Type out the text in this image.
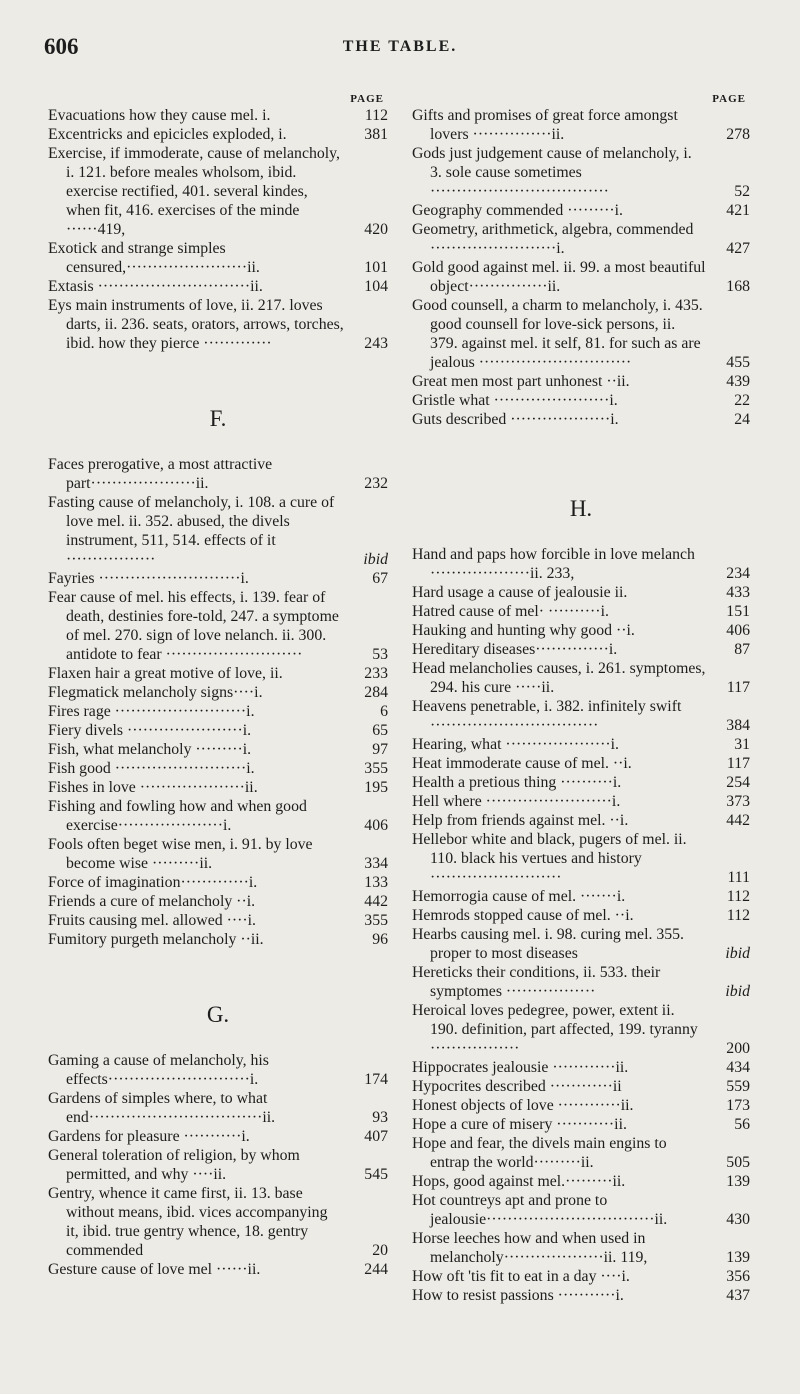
606	THE TABLE.
PAGE
Evacuations how they cause mel. i.	112
Excentricks and epicicles exploded, i.	381
Exercise, if immoderate, cause of melancholy, i. 121. before meales wholsom, ibid. exercise rectified, 401. several kindes, when fit, 416. exercises of the minde ······419,	420
Exotick and strange simples censured,·······················ii.	101
Extasis ·····························ii.	104
Eys main instruments of love, ii. 217. loves darts, ii. 236. seats, orators, arrows, torches, ibid. how they pierce ·············	243
F.
Faces prerogative, a most attractive part····················ii.	232
Fasting cause of melancholy, i. 108. a cure of love mel. ii. 352. abused, the divels instrument, 511, 514. effects of it ·················	ibid
Fayries ···························i.	67
Fear cause of mel. his effects, i. 139. fear of death, destinies fore-told, 247. a symptome of mel. 270. sign of love nelanch. ii. 300. antidote to fear ··························	53
Flaxen hair a great motive of love, ii.	233
Flegmatick melancholy signs····i.	284
Fires rage ·························i.	6
Fiery divels ······················i.	65
Fish, what melancholy ·········i.	97
Fish good ·························i.	355
Fishes in love ····················ii.	195
Fishing and fowling how and when good exercise····················i.	406
Fools often beget wise men, i. 91. by love become wise ·········ii.	334
Force of imagination·············i.	133
Friends a cure of melancholy ··i.	442
Fruits causing mel. allowed ····i.	355
Fumitory purgeth melancholy ··ii.	96
G.
Gaming a cause of melancholy, his effects···························i.	174
Gardens of simples where, to what end·································ii.	93
Gardens for pleasure ···········i.	407
General toleration of religion, by whom permitted, and why ····ii.	545
Gentry, whence it came first, ii. 13. base without means, ibid. vices accompanying it, ibid. true gentry whence, 18. gentry commended	20
Gesture cause of love mel ······ii.	244
PAGE
Gifts and promises of great force amongst lovers ···············ii.	278
Gods just judgement cause of melancholy, i. 3. sole cause sometimes ··································	52
Geography commended ·········i.	421
Geometry, arithmetick, algebra, commended ························i.	427
Gold good against mel. ii. 99. a most beautiful object···············ii.	168
Good counsell, a charm to melancholy, i. 435. good counsell for love-sick persons, ii. 379. against mel. it self, 81. for such as are jealous ·····························	455
Great men most part unhonest ··ii.	439
Gristle what ······················i.	22
Guts described ···················i.	24
H.
Hand and paps how forcible in love melanch ···················ii. 233,	234
Hard usage a cause of jealousie ii.	433
Hatred cause of mel· ··········i.	151
Hauking and hunting why good ··i.	406
Hereditary diseases··············i.	87
Head melancholies causes, i. 261. symptomes, 294. his cure ·····ii.	117
Heavens penetrable, i. 382. infinitely swift ································	384
Hearing, what ····················i.	31
Heat immoderate cause of mel. ··i.	117
Health a pretious thing ··········i.	254
Hell where ························i.	373
Help from friends against mel. ··i.	442
Hellebor white and black, pugers of mel. ii. 110. black his vertues and history ·························	111
Hemorrogia cause of mel. ·······i.	112
Hemrods stopped cause of mel. ··i.	112
Hearbs causing mel. i. 98. curing mel. 355. proper to most diseases	ibid
Hereticks their conditions, ii. 533. their symptomes ·················	ibid
Heroical loves pedegree, power, extent ii. 190. definition, part affected, 199. tyranny ·················	200
Hippocrates jealousie ············ii.	434
Hypocrites described ············ii	559
Honest objects of love ············ii.	173
Hope a cure of misery ···········ii.	56
Hope and fear, the divels main engins to entrap the world·········ii.	505
Hops, good against mel.·········ii.	139
Hot countreys apt and prone to jealousie································ii.	430
Horse leeches how and when used in melancholy···················ii. 119,	139
How oft 'tis fit to eat in a day ····i.	356
How to resist passions ···········i.	437
